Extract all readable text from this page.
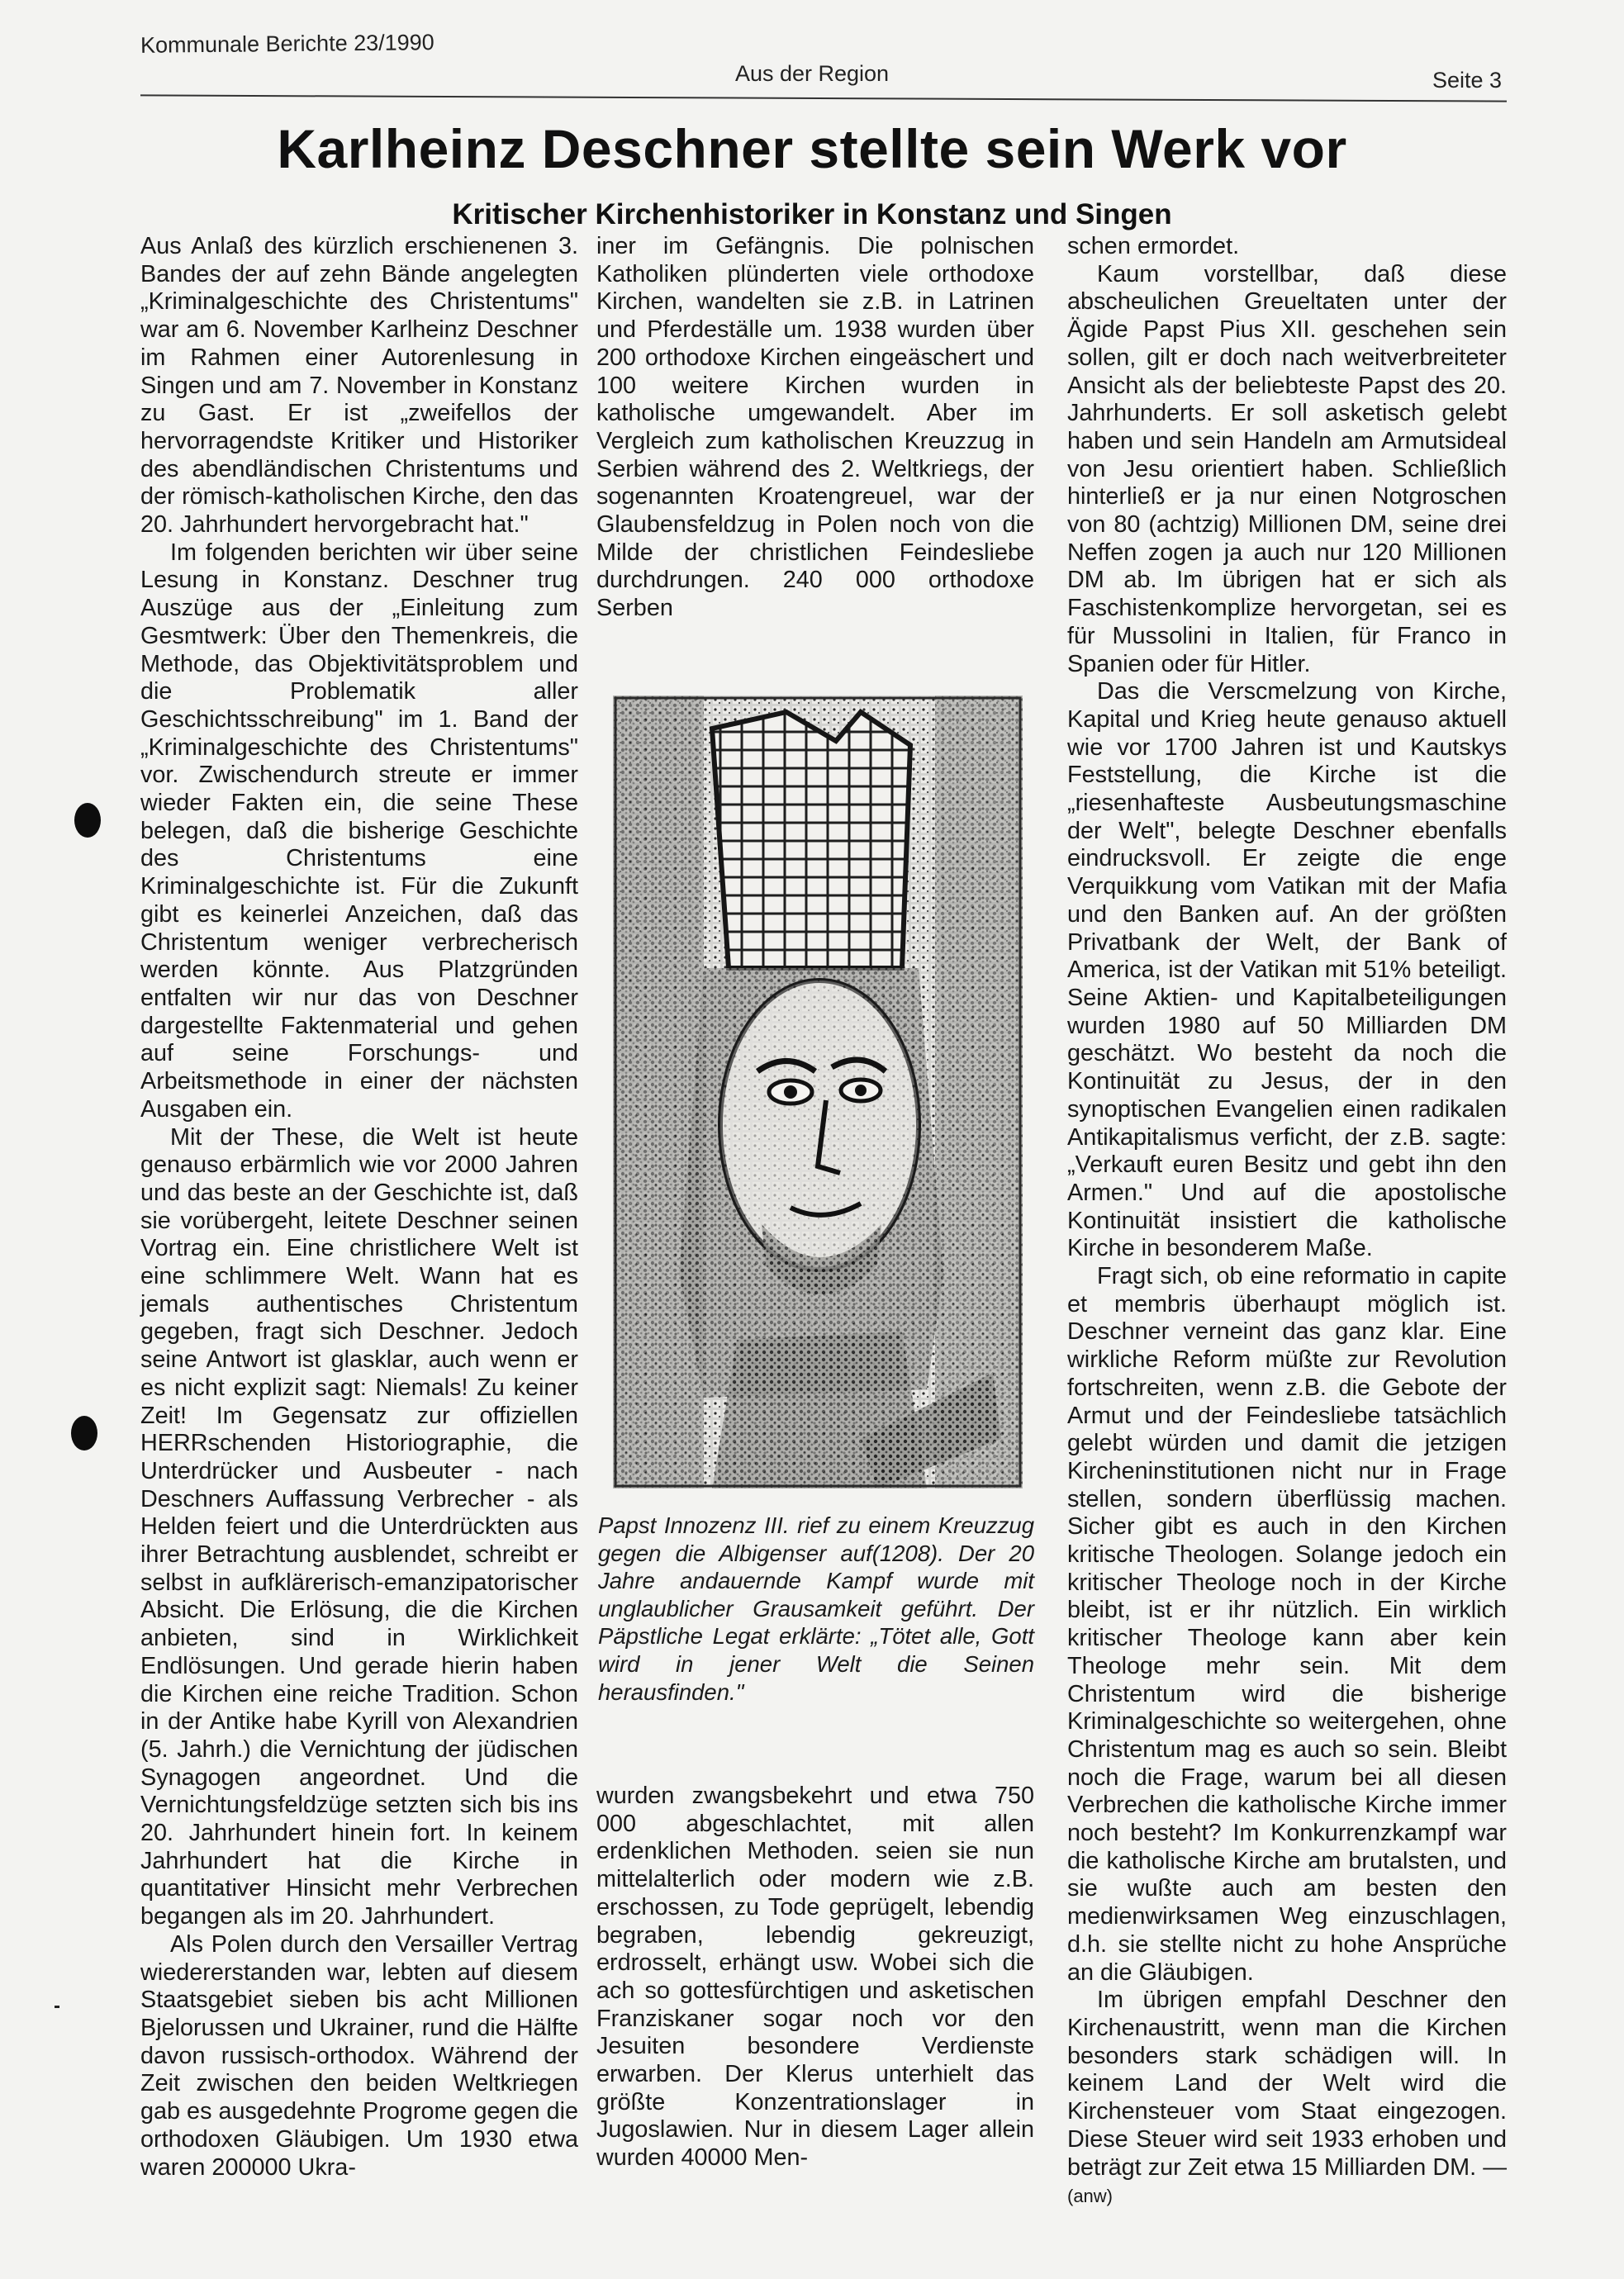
Kommunale Berichte 23/1990
Aus der Region	Seite 3
Karlheinz Deschner stellte sein Werk vor
Kritischer Kirchenhistoriker in Konstanz und Singen

Aus Anlaß des kürzlich erschienenen 3. Bandes der auf zehn Bände angelegten „Kriminalgeschichte des Christentums" war am 6. November Karlheinz Deschner im Rahmen einer Autorenlesung in Singen und am 7. November in Konstanz zu Gast. Er ist „zweifellos der hervorragendste Kritiker und Historiker des abendländischen Christentums und der römisch-katholischen Kirche, den das 20. Jahrhundert hervorgebracht hat."

Im folgenden berichten wir über seine Lesung in Konstanz. Deschner trug Auszüge aus der „Einleitung zum Gesmtwerk: Über den Themenkreis, die Methode, das Objektivitätsproblem und die Problematik aller Geschichtsschreibung" im 1. Band der „Kriminalgeschichte des Christentums" vor. Zwischendurch streute er immer wieder Fakten ein, die seine These belegen, daß die bisherige Geschichte des Christentums eine Kriminalgeschichte ist. Für die Zukunft gibt es keinerlei Anzeichen, daß das Christentum weniger verbrecherisch werden könnte. Aus Platzgründen entfalten wir nur das von Deschner dargestellte Faktenmaterial und gehen auf seine Forschungs- und Arbeitsmethode in einer der nächsten Ausgaben ein.

Mit der These, die Welt ist heute genauso erbärmlich wie vor 2000 Jahren und das beste an der Geschichte ist, daß sie vorübergeht, leitete Deschner seinen Vortrag ein. Eine christlichere Welt ist eine schlimmere Welt. Wann hat es jemals authentisches Christentum gegeben, fragt sich Deschner. Jedoch seine Antwort ist glasklar, auch wenn er es nicht explizit sagt: Niemals! Zu keiner Zeit! Im Gegensatz zur offiziellen HERRschenden Historiographie, die Unterdrücker und Ausbeuter - nach Deschners Auffassung Verbrecher - als Helden feiert und die Unterdrückten aus ihrer Betrachtung ausblendet, schreibt er selbst in aufklärerisch-emanzipatorischer Absicht. Die Erlösung, die die Kirchen anbieten, sind in Wirklichkeit Endlösungen. Und gerade hierin haben die Kirchen eine reiche Tradition. Schon in der Antike habe Kyrill von Alexandrien (5. Jahrh.) die Vernichtung der jüdischen Synagogen angeordnet. Und die Vernichtungsfeldzüge setzten sich bis ins 20. Jahrhundert hinein fort. In keinem Jahrhundert hat die Kirche in quantitativer Hinsicht mehr Verbrechen begangen als im 20. Jahrhundert.

Als Polen durch den Versailler Vertrag wiedererstanden war, lebten auf diesem Staatsgebiet sieben bis acht Millionen Bjelorussen und Ukrainer, rund die Hälfte davon russisch-orthodox. Während der Zeit zwischen den beiden Weltkriegen gab es ausgedehnte Progrome gegen die orthodoxen Gläubigen. Um 1930 etwa waren 200000 Ukra-

iner im Gefängnis. Die polnischen Katholiken plünderten viele orthodoxe Kirchen, wandelten sie z.B. in Latrinen und Pferdeställe um. 1938 wurden über 200 orthodoxe Kirchen eingeäschert und 100 weitere Kirchen wurden in katholische umgewandelt. Aber im Vergleich zum katholischen Kreuzzug in Serbien während des 2. Weltkriegs, der sogenannten Kroatengreuel, war der Glaubensfeldzug in Polen noch von die Milde der christlichen Feindesliebe durchdrungen. 240 000 orthodoxe Serben

Papst Innozenz III. rief zu einem Kreuzzug gegen die Albigenser auf(1208). Der 20 Jahre andauernde Kampf wurde mit unglaublicher Grausamkeit geführt. Der Päpstliche Legat erklärte: „Tötet alle, Gott wird in jener Welt die Seinen herausfinden."

wurden zwangsbekehrt und etwa 750 000 abgeschlachtet, mit allen erdenklichen Methoden. seien sie nun mittelalterlich oder modern wie z.B. erschossen, zu Tode geprügelt, lebendig begraben, lebendig gekreuzigt, erdrosselt, erhängt usw. Wobei sich die ach so gottesfürchtigen und asketischen Franziskaner sogar noch vor den Jesuiten besondere Verdienste erwarben. Der Klerus unterhielt das größte Konzentrationslager in Jugoslawien. Nur in diesem Lager allein wurden 40000 Men-

schen ermordet.

Kaum vorstellbar, daß diese abscheulichen Greueltaten unter der Ägide Papst Pius XII. geschehen sein sollen, gilt er doch nach weitverbreiteter Ansicht als der beliebteste Papst des 20. Jahrhunderts. Er soll asketisch gelebt haben und sein Handeln am Armutsideal von Jesu orientiert haben. Schließlich hinterließ er ja nur einen Notgroschen von 80 (achtzig) Millionen DM, seine drei Neffen zogen ja auch nur 120 Millionen DM ab. Im übrigen hat er sich als Faschistenkomplize hervorgetan, sei es für Mussolini in Italien, für Franco in Spanien oder für Hitler.

Das die Verscmelzung von Kirche, Kapital und Krieg heute genauso aktuell wie vor 1700 Jahren ist und Kautskys Feststellung, die Kirche ist die „riesenhafteste Ausbeutungsmaschine der Welt", belegte Deschner ebenfalls eindrucksvoll. Er zeigte die enge Verquikkung vom Vatikan mit der Mafia und den Banken auf. An der größten Privatbank der Welt, der Bank of America, ist der Vatikan mit 51% beteiligt. Seine Aktien- und Kapitalbeteiligungen wurden 1980 auf 50 Milliarden DM geschätzt. Wo besteht da noch die Kontinuität zu Jesus, der in den synoptischen Evangelien einen radikalen Antikapitalismus verficht, der z.B. sagte: „Verkauft euren Besitz und gebt ihn den Armen." Und auf die apostolische Kontinuität insistiert die katholische Kirche in besonderem Maße.

Fragt sich, ob eine reformatio in capite et membris überhaupt möglich ist. Deschner verneint das ganz klar. Eine wirkliche Reform müßte zur Revolution fortschreiten, wenn z.B. die Gebote der Armut und der Feindesliebe tatsächlich gelebt würden und damit die jetzigen Kircheninstitutionen nicht nur in Frage stellen, sondern überflüssig machen. Sicher gibt es auch in den Kirchen kritische Theologen. Solange jedoch ein kritischer Theologe noch in der Kirche bleibt, ist er ihr nützlich. Ein wirklich kritischer Theologe kann aber kein Theologe mehr sein. Mit dem Christentum wird die bisherige Kriminalgeschichte so weitergehen, ohne Christentum mag es auch so sein. Bleibt noch die Frage, warum bei all diesen Verbrechen die katholische Kirche immer noch besteht? Im Konkurrenzkampf war die katholische Kirche am brutalsten, und sie wußte auch am besten den medienwirksamen Weg einzuschlagen, d.h. sie stellte nicht zu hohe Ansprüche an die Gläubigen.

Im übrigen empfahl Deschner den Kirchenaustritt, wenn man die Kirchen besonders stark schädigen will. In keinem Land der Welt wird die Kirchensteuer vom Staat eingezogen. Diese Steuer wird seit 1933 erhoben und beträgt zur Zeit etwa 15 Milliarden DM. — (anw)
